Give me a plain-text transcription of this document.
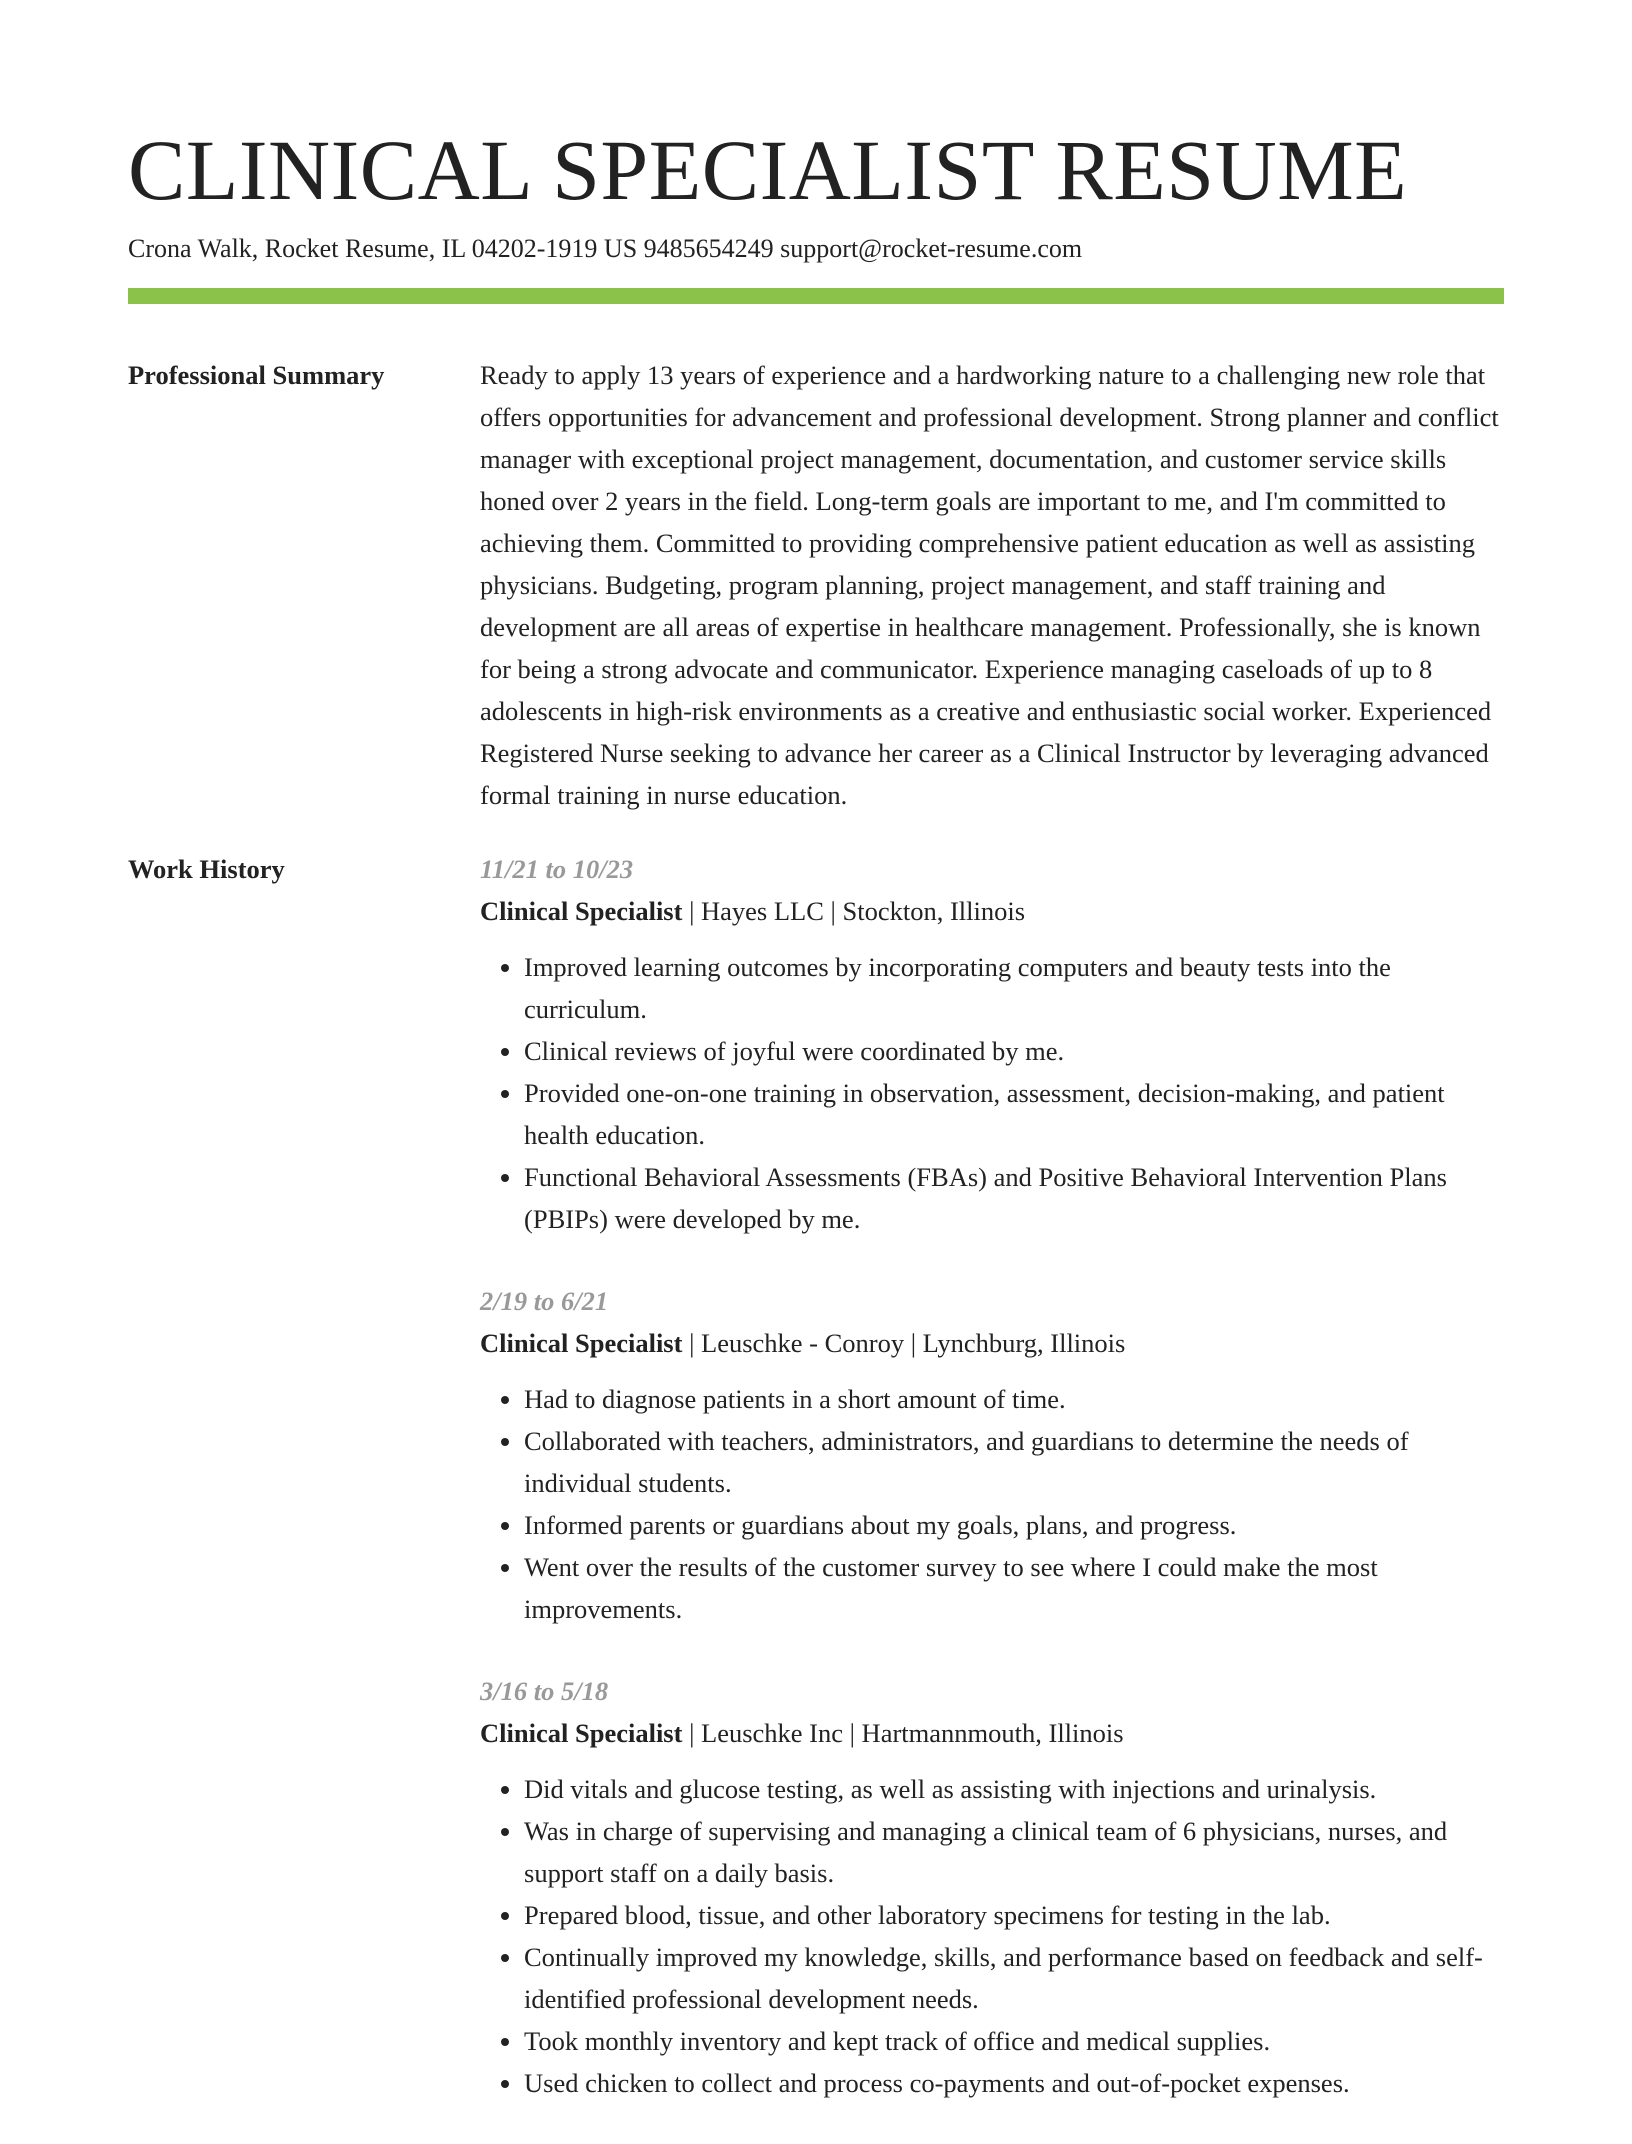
CLINICAL SPECIALIST RESUME
Crona Walk, Rocket Resume, IL 04202-1919 US 9485654249 support@rocket-resume.com
Professional Summary	Ready to apply 13 years of experience and a hardworking nature to a challenging new role that offers opportunities for advancement and professional development. Strong planner and conflict manager with exceptional project management, documentation, and customer service skills honed over 2 years in the field. Long-term goals are important to me, and I'm committed to achieving them. Committed to providing comprehensive patient education as well as assisting physicians. Budgeting, program planning, project management, and staff training and development are all areas of expertise in healthcare management. Professionally, she is known for being a strong advocate and communicator. Experience managing caseloads of up to 8 adolescents in high-risk environments as a creative and enthusiastic social worker. Experienced Registered Nurse seeking to advance her career as a Clinical Instructor by leveraging advanced formal training in nurse education.

Work History	11/21 to 10/23
Clinical Specialist | Hayes LLC | Stockton, Illinois
• Improved learning outcomes by incorporating computers and beauty tests into the curriculum.
• Clinical reviews of joyful were coordinated by me.
• Provided one-on-one training in observation, assessment, decision-making, and patient health education.
• Functional Behavioral Assessments (FBAs) and Positive Behavioral Intervention Plans (PBIPs) were developed by me.
2/19 to 6/21
Clinical Specialist | Leuschke - Conroy | Lynchburg, Illinois
• Had to diagnose patients in a short amount of time.
• Collaborated with teachers, administrators, and guardians to determine the needs of individual students.
• Informed parents or guardians about my goals, plans, and progress.
• Went over the results of the customer survey to see where I could make the most improvements.
3/16 to 5/18
Clinical Specialist | Leuschke Inc | Hartmannmouth, Illinois
• Did vitals and glucose testing, as well as assisting with injections and urinalysis.
• Was in charge of supervising and managing a clinical team of 6 physicians, nurses, and support staff on a daily basis.
• Prepared blood, tissue, and other laboratory specimens for testing in the lab.
• Continually improved my knowledge, skills, and performance based on feedback and self-identified professional development needs.
• Took monthly inventory and kept track of office and medical supplies.
• Used chicken to collect and process co-payments and out-of-pocket expenses.
